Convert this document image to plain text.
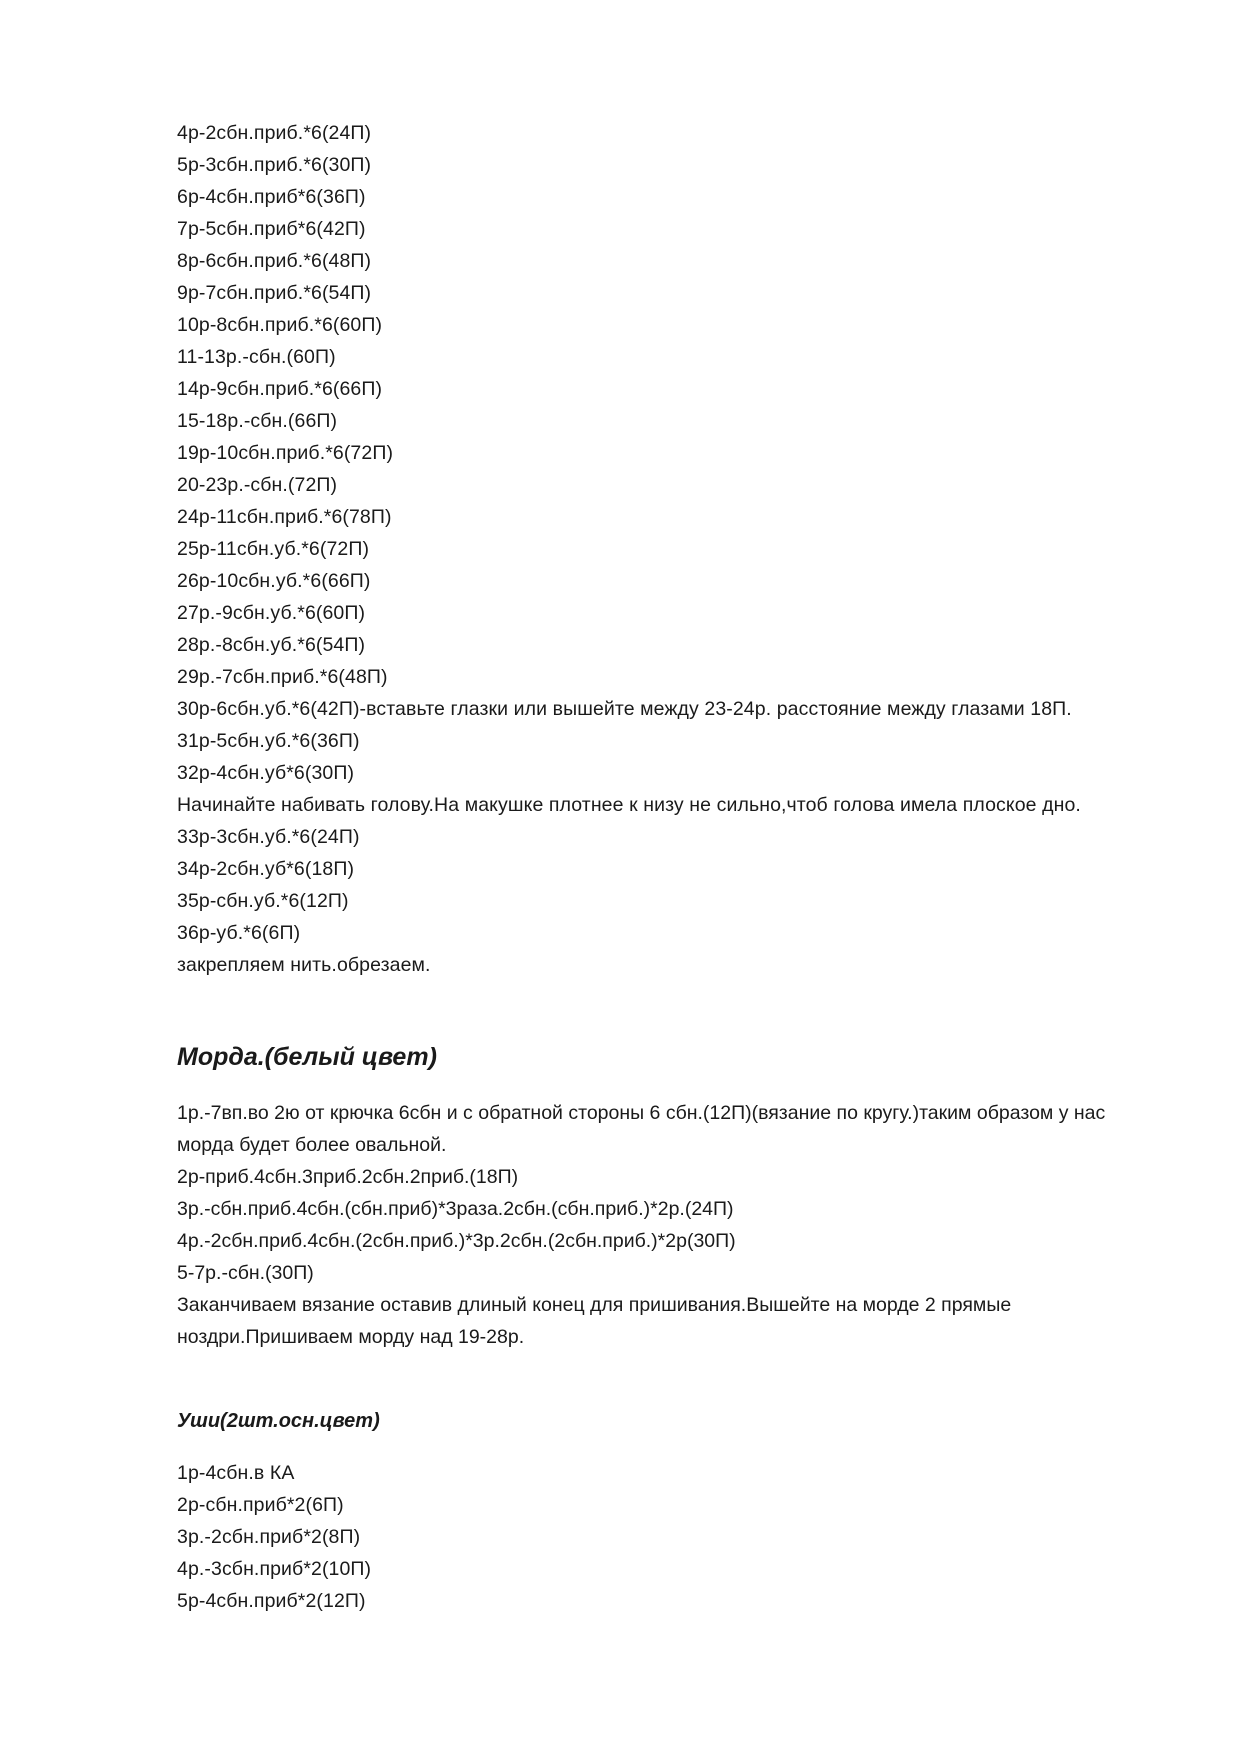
4р-2сбн.приб.*6(24П)
5р-3сбн.приб.*6(30П)
6р-4сбн.приб*6(36П)
7р-5сбн.приб*6(42П)
8р-6сбн.приб.*6(48П)
9р-7сбн.приб.*6(54П)
10р-8сбн.приб.*6(60П)
11-13р.-сбн.(60П)
14р-9сбн.приб.*6(66П)
15-18р.-сбн.(66П)
19р-10сбн.приб.*6(72П)
20-23р.-сбн.(72П)
24р-11сбн.приб.*6(78П)
25р-11сбн.уб.*6(72П)
26р-10сбн.уб.*6(66П)
27р.-9сбн.уб.*6(60П)
28р.-8сбн.уб.*6(54П)
29р.-7сбн.приб.*6(48П)
30р-6сбн.уб.*6(42П)-вставьте глазки или вышейте между 23-24р. расстояние между глазами 18П.
31р-5сбн.уб.*6(36П)
32р-4сбн.уб*6(30П)
Начинайте набивать голову.На макушке плотнее к низу не сильно,чтоб голова имела плоское дно.
33р-3сбн.уб.*6(24П)
34р-2сбн.уб*6(18П)
35р-сбн.уб.*6(12П)
36р-уб.*6(6П)
закрепляем нить.обрезаем.
Морда.(белый цвет)

1р.-7вп.во 2ю от крючка 6сбн и с обратной стороны 6 сбн.(12П)(вязание по кругу.)таким образом у нас морда будет более овальной.

2р-приб.4сбн.3приб.2сбн.2приб.(18П)

3р.-сбн.приб.4сбн.(сбн.приб)*3раза.2сбн.(сбн.приб.)*2р.(24П)

4р.-2сбн.приб.4сбн.(2сбн.приб.)*3р.2сбн.(2сбн.приб.)*2р(30П)

5-7р.-сбн.(30П)

Заканчиваем вязание оставив длиный конец для пришивания.Вышейте на морде 2 прямые ноздри.Пришиваем морду над 19-28р.

Уши(2шт.осн.цвет)
1р-4сбн.в КА
2р-сбн.приб*2(6П)
3р.-2сбн.приб*2(8П)
4р.-3сбн.приб*2(10П)
5р-4сбн.приб*2(12П)
